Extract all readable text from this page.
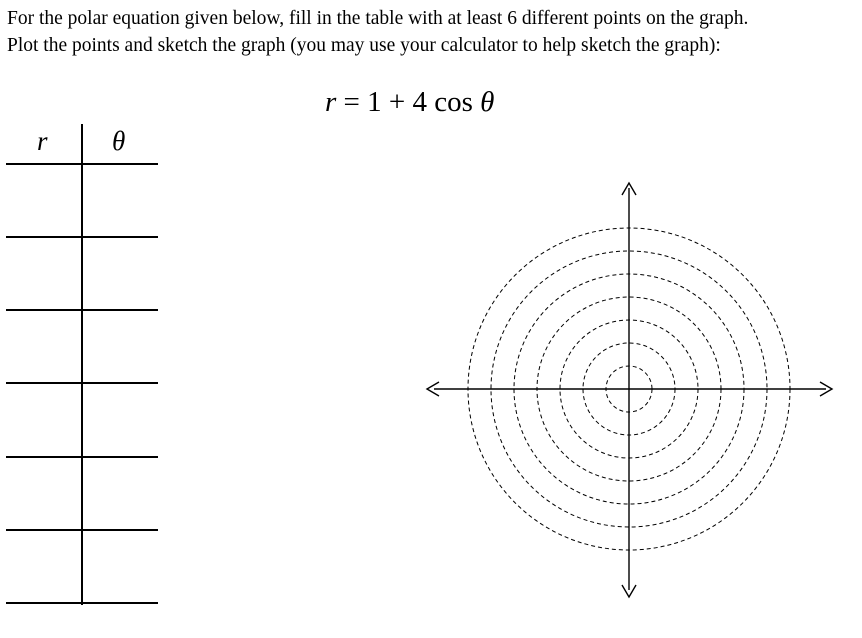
For the polar equation given below, fill in the table with at least 6 different points on the graph.
Plot the points and sketch the graph (you may use your calculator to help sketch the graph):
r = 1 + 4 cos θ
r θ
